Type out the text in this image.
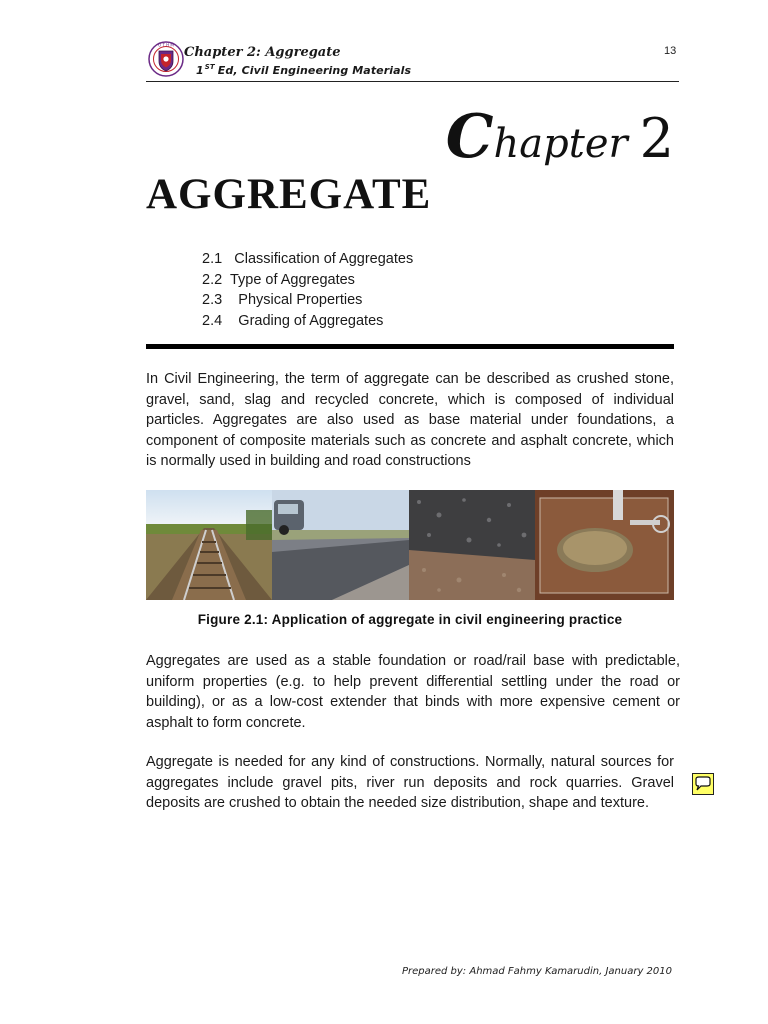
U T H M Chapter 2: Aggregate
1ST Ed, Civil Engineering Materials
13
Chapter 2
AGGREGATE
2.1 Classification of Aggregates
2.2 Type of Aggregates
2.3 Physical Properties
2.4 Grading of Aggregates
In Civil Engineering, the term of aggregate can be described as crushed stone, gravel, sand, slag and recycled concrete, which is composed of individual particles. Aggregates are also used as base material under foundations, a component of composite materials such as concrete and asphalt concrete, which is normally used in building and road constructions
Figure 2.1: Application of aggregate in civil engineering practice
Aggregates are used as a stable foundation or road/rail base with predictable, uniform properties (e.g. to help prevent differential settling under the road or building), or as a low-cost extender that binds with more expensive cement or asphalt to form concrete.
Aggregate is needed for any kind of constructions. Normally, natural sources for aggregates include gravel pits, river run deposits and rock quarries. Gravel deposits are crushed to obtain the needed size distribution, shape and texture.
Prepared by: Ahmad Fahmy Kamarudin, January 2010
